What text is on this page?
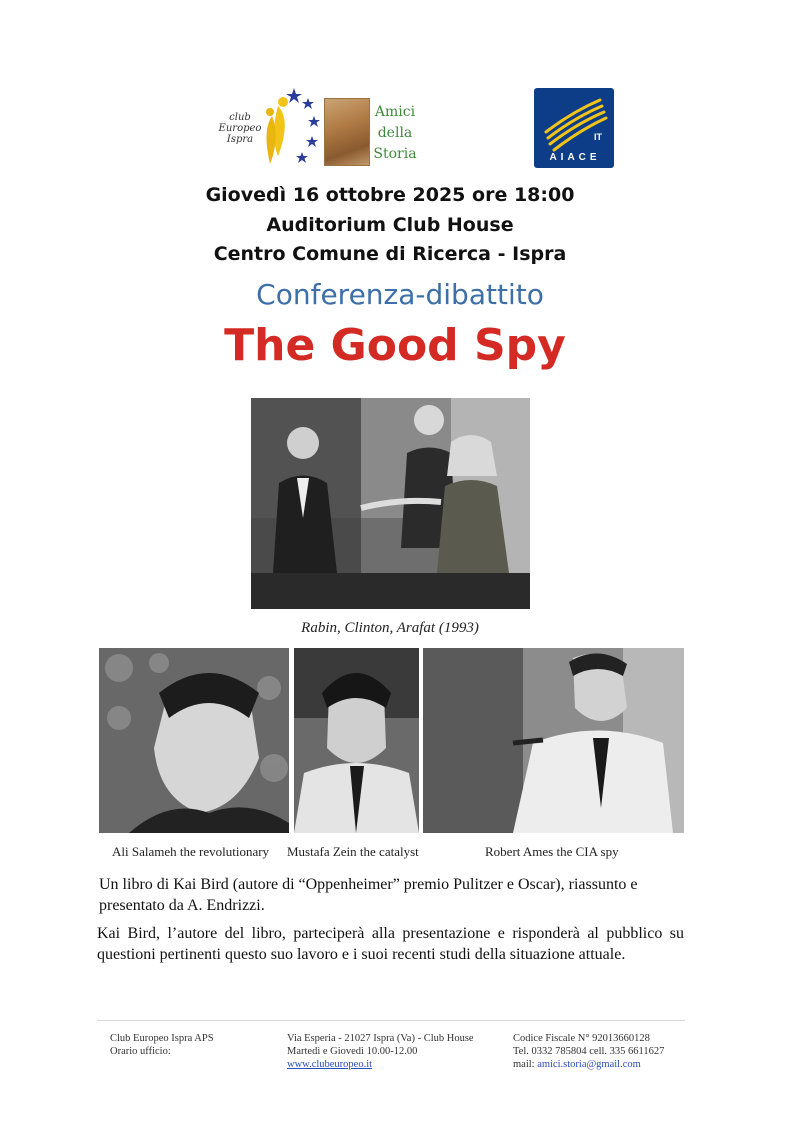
club Europeo Ispra
Amici
della
Storia
IT
AIACE
Giovedì 16 ottobre 2025 ore 18:00
Auditorium Club House
Centro Comune di Ricerca - Ispra
Conferenza-dibattito
The Good Spy
Rabin, Clinton, Arafat (1993)
Ali Salameh the revolutionary Mustafa Zein the catalyst	Robert Ames the CIA spy
Un libro di Kai Bird (autore di “Oppenheimer” premio Pulitzer e Oscar), riassunto e presentato da A. Endrizzi.
Kai Bird, l’autore del libro, parteciperà alla presentazione e risponderà al pubblico su questioni pertinenti questo suo lavoro e i suoi recenti studi della situazione attuale.
Club Europeo Ispra APS
Orario ufficio:
Via Esperia - 21027 Ispra (Va) - Club House
Martedì e Giovedì 10.00-12.00
www.clubeuropeo.it
Codice Fiscale N° 92013660128
Tel. 0332 785804 cell. 335 6611627
mail: amici.storia@gmail.com
